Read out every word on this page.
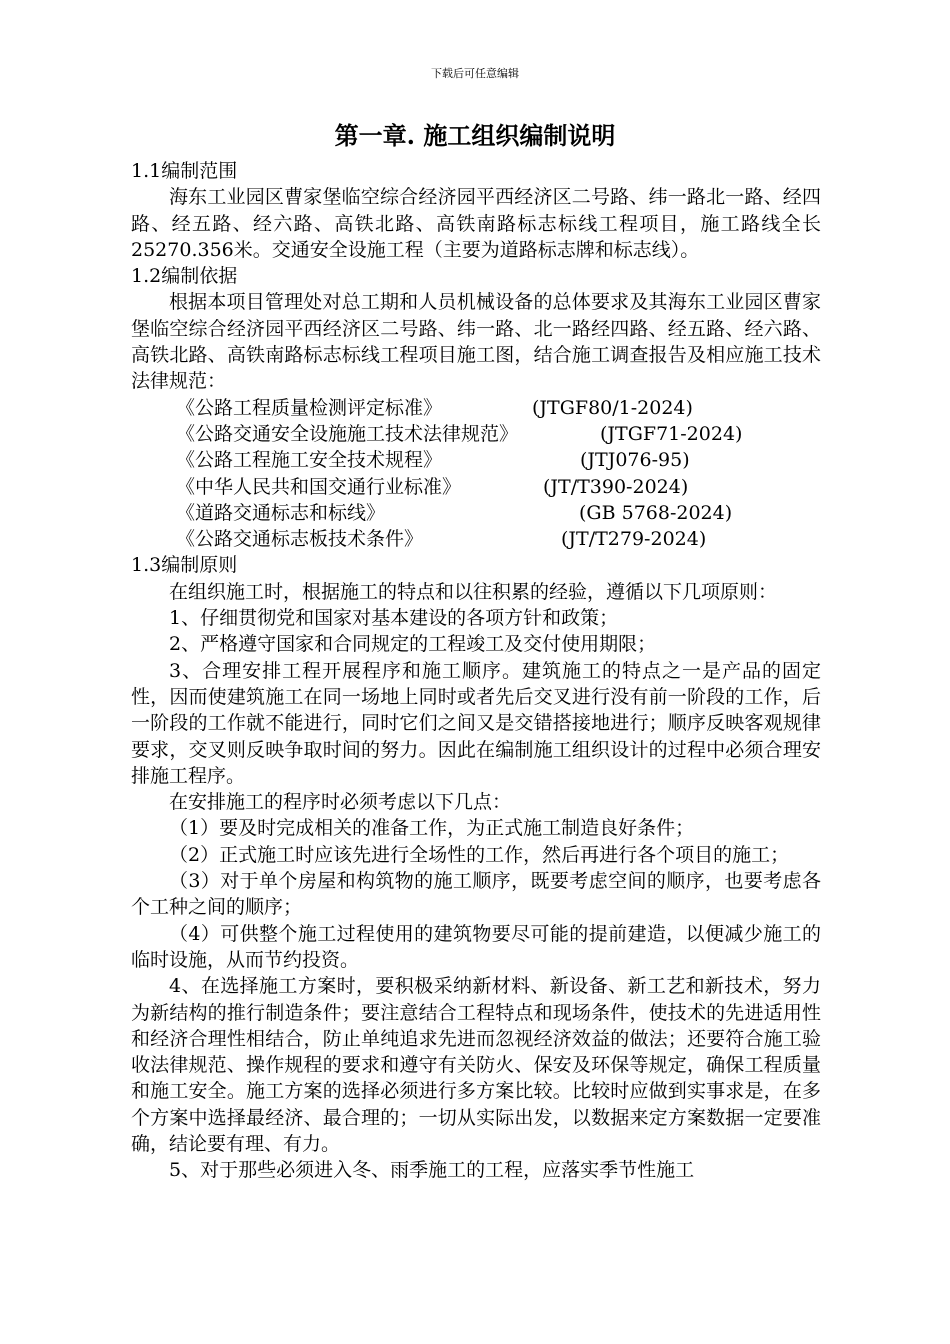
下载后可任意编辑
第一章. 施工组织编制说明

1.1编制范围

海东工业园区曹家堡临空综合经济园平西经济区二号路、纬一路北一路、经四路、经五路、经六路、高铁北路、高铁南路标志标线工程项目，施工路线全长25270.356米。交通安全设施工程（主要为道路标志牌和标志线）。

1.2编制依据

根据本项目管理处对总工期和人员机械设备的总体要求及其海东工业园区曹家堡临空综合经济园平西经济区二号路、纬一路、北一路经四路、经五路、经六路、高铁北路、高铁南路标志标线工程项目施工图，结合施工调查报告及相应施工技术法律规范：

《公路工程质量检测评定标准》	(JTGF80/1-2024)
《公路交通安全设施施工技术法律规范》	(JTGF71-2024)
《公路工程施工安全技术规程》	(JTJ076-95)
《中华人民共和国交通行业标准》	(JT/T390-2024)
《道路交通标志和标线》	(GB 5768-2024)
《公路交通标志板技术条件》	(JT/T279-2024)

1.3编制原则

在组织施工时，根据施工的特点和以往积累的经验，遵循以下几项原则：

1、仔细贯彻党和国家对基本建设的各项方针和政策；

2、严格遵守国家和合同规定的工程竣工及交付使用期限；

3、合理安排工程开展程序和施工顺序。建筑施工的特点之一是产品的固定性，因而使建筑施工在同一场地上同时或者先后交叉进行没有前一阶段的工作，后一阶段的工作就不能进行，同时它们之间又是交错搭接地进行；顺序反映客观规律要求，交叉则反映争取时间的努力。因此在编制施工组织设计的过程中必须合理安排施工程序。

在安排施工的程序时必须考虑以下几点：

（1）要及时完成相关的准备工作，为正式施工制造良好条件；

（2）正式施工时应该先进行全场性的工作，然后再进行各个项目的施工；

（3）对于单个房屋和构筑物的施工顺序，既要考虑空间的顺序，也要考虑各个工种之间的顺序；

（4）可供整个施工过程使用的建筑物要尽可能的提前建造，以便减少施工的临时设施，从而节约投资。

4、在选择施工方案时，要积极采纳新材料、新设备、新工艺和新技术，努力为新结构的推行制造条件；要注意结合工程特点和现场条件，使技术的先进适用性和经济合理性相结合，防止单纯追求先进而忽视经济效益的做法；还要符合施工验收法律规范、操作规程的要求和遵守有关防火、保安及环保等规定，确保工程质量和施工安全。施工方案的选择必须进行多方案比较。比较时应做到实事求是，在多个方案中选择最经济、最合理的；一切从实际出发，以数据来定方案数据一定要准确，结论要有理、有力。

5、对于那些必须进入冬、雨季施工的工程，应落实季节性施工
